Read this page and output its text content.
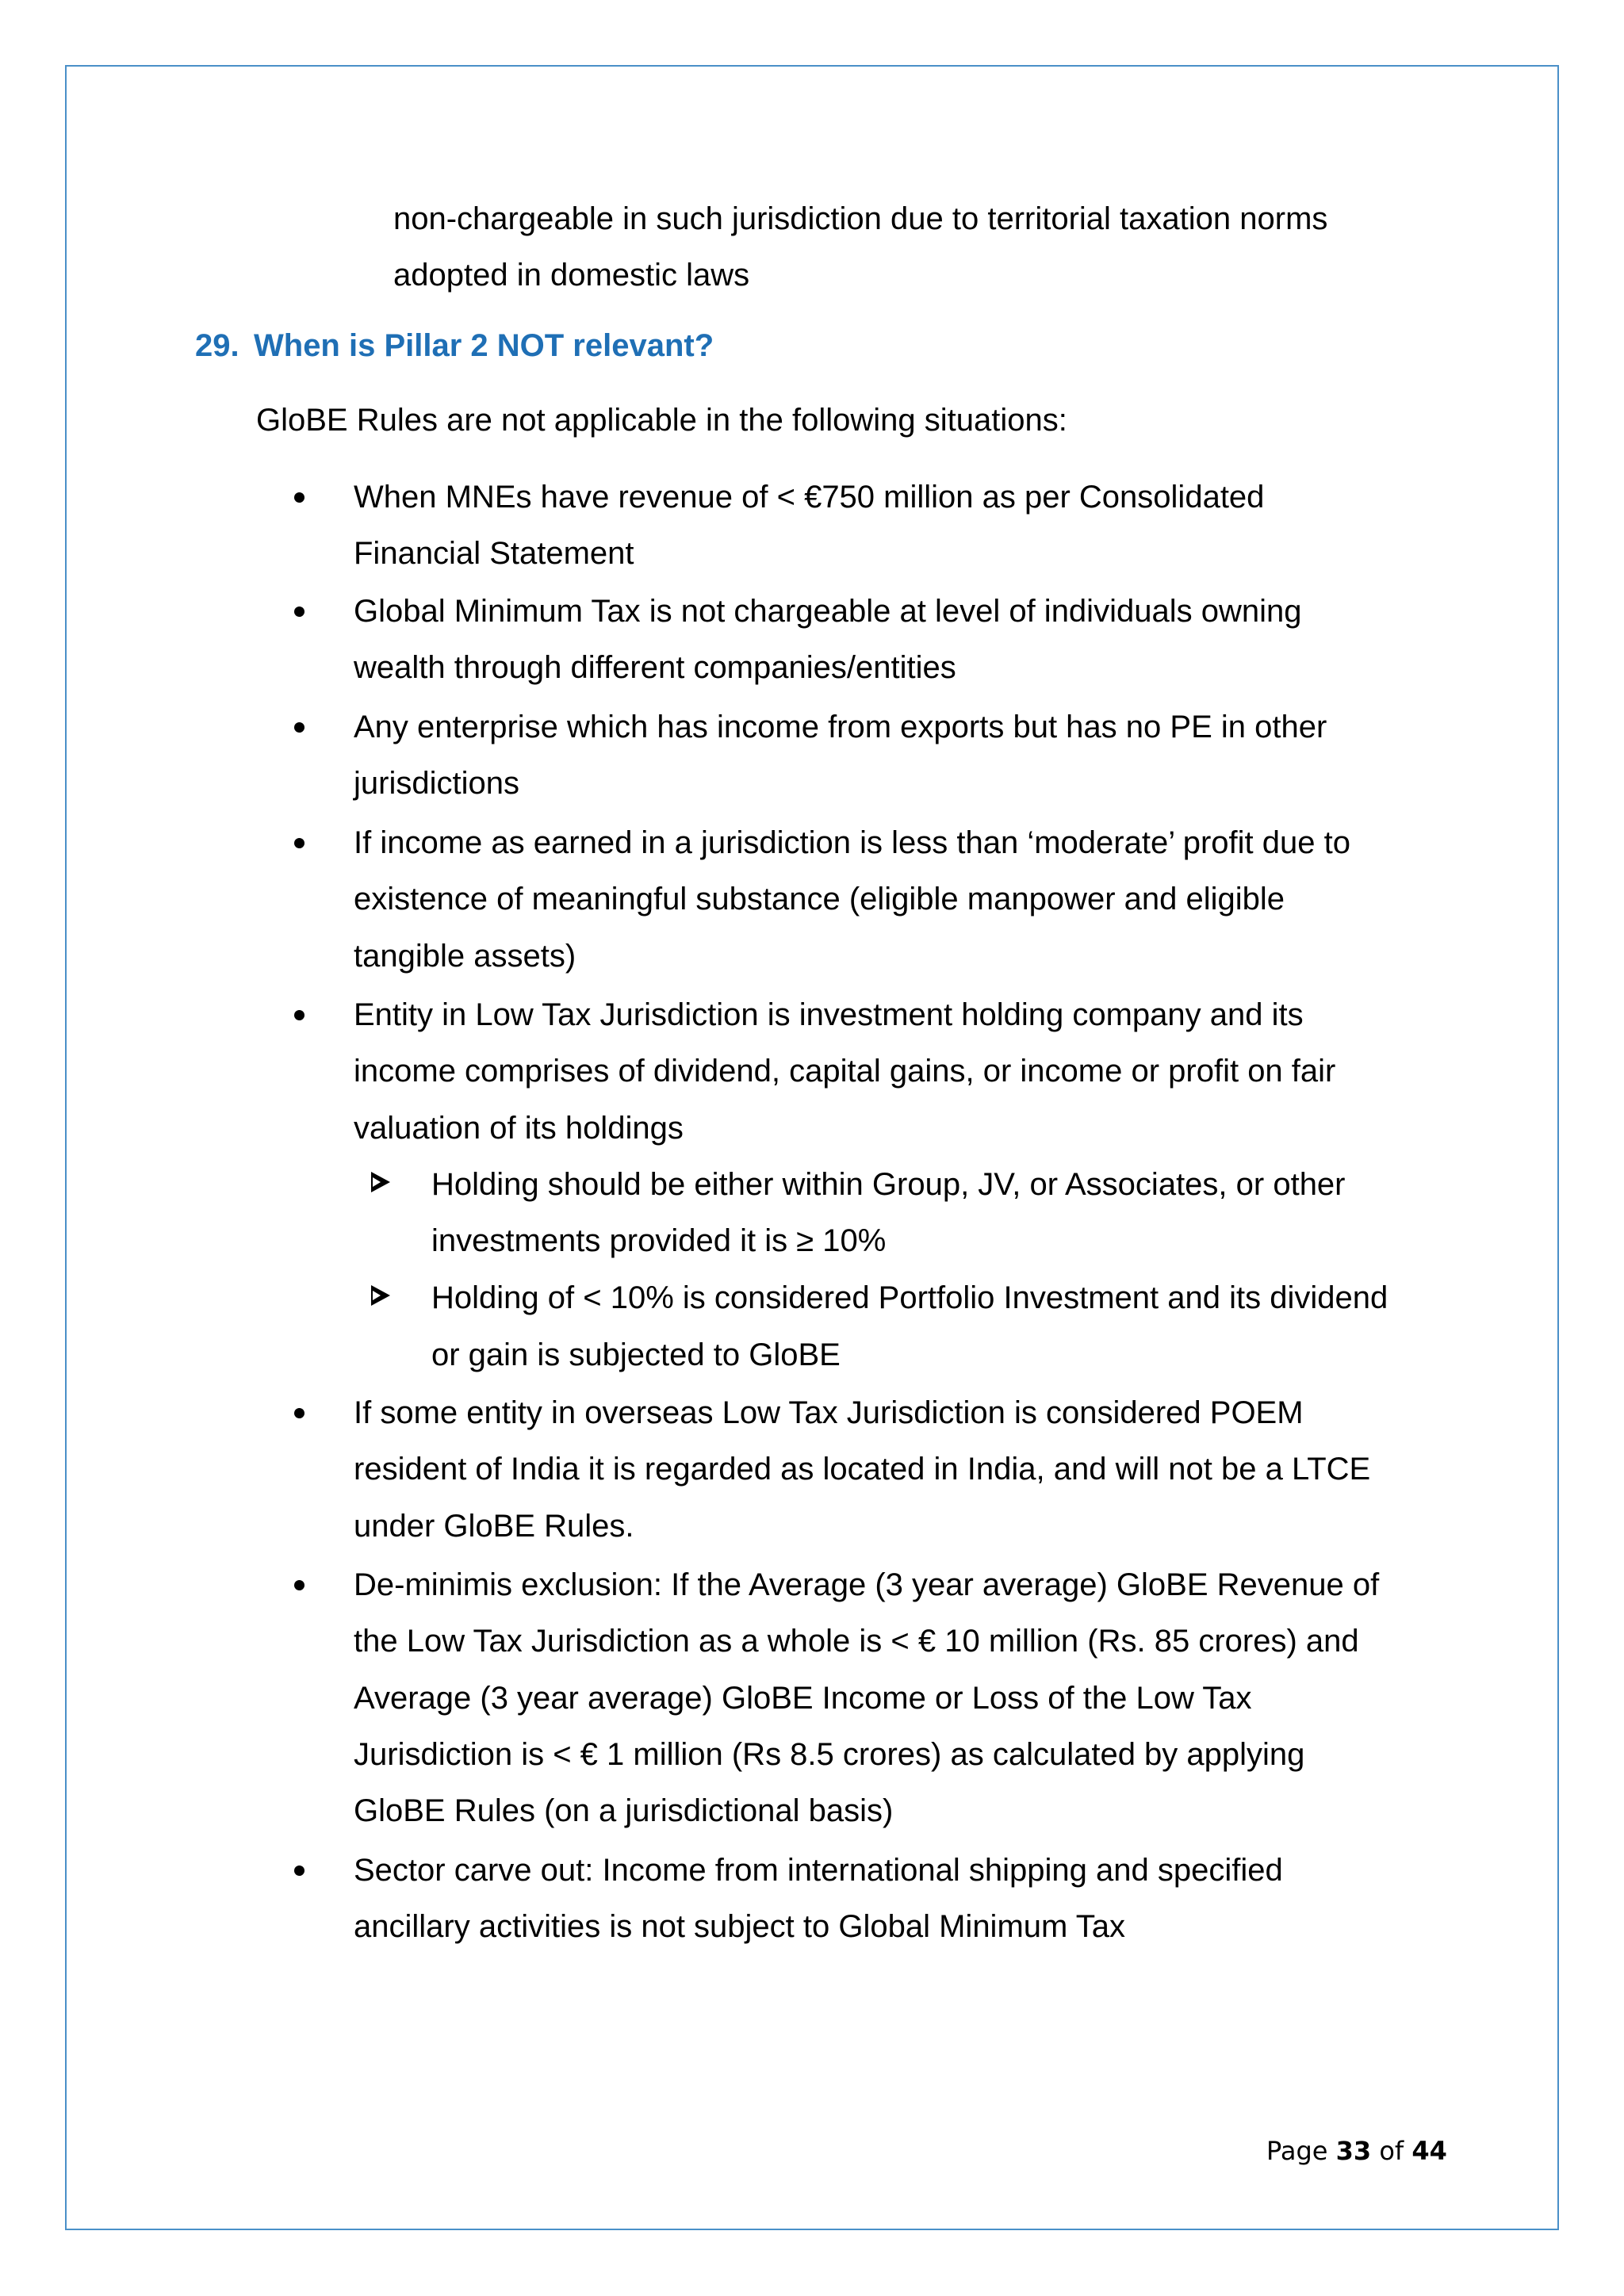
non-chargeable in such jurisdiction due to territorial taxation norms
adopted in domestic laws
29. When is Pillar 2 NOT relevant?
GloBE Rules are not applicable in the following situations:
When MNEs have revenue of < €750 million as per Consolidated
Financial Statement
Global Minimum Tax is not chargeable at level of individuals owning
wealth through different companies/entities
Any enterprise which has income from exports but has no PE in other
jurisdictions
If income as earned in a jurisdiction is less than ‘moderate’ profit due to
existence of meaningful substance (eligible manpower and eligible
tangible assets)
Entity in Low Tax Jurisdiction is investment holding company and its
income comprises of dividend, capital gains, or income or profit on fair
valuation of its holdings
Holding should be either within Group, JV, or Associates, or other
investments provided it is ≥ 10%
Holding of < 10% is considered Portfolio Investment and its dividend
or gain is subjected to GloBE
If some entity in overseas Low Tax Jurisdiction is considered POEM
resident of India it is regarded as located in India, and will not be a LTCE
under GloBE Rules.
De-minimis exclusion: If the Average (3 year average) GloBE Revenue of
the Low Tax Jurisdiction as a whole is < € 10 million (Rs. 85 crores) and
Average (3 year average) GloBE Income or Loss of the Low Tax
Jurisdiction is < € 1 million (Rs 8.5 crores) as calculated by applying
GloBE Rules (on a jurisdictional basis)
Sector carve out: Income from international shipping and specified
ancillary activities is not subject to Global Minimum Tax
Page 33 of 44
